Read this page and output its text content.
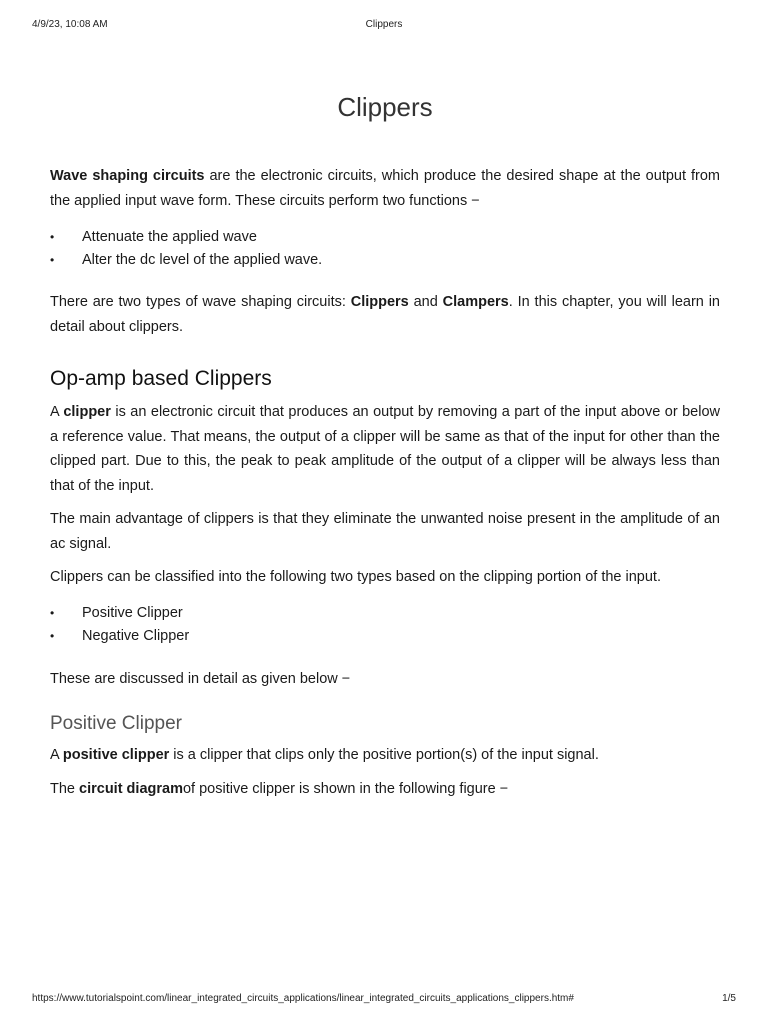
4/9/23, 10:08 AM	Clippers
Clippers

Wave shaping circuits are the electronic circuits, which produce the desired shape at the output from the applied input wave form. These circuits perform two functions −

• Attenuate the applied wave
• Alter the dc level of the applied wave.

There are two types of wave shaping circuits: Clippers and Clampers. In this chapter, you will learn in detail about clippers.

Op-amp based Clippers

A clipper is an electronic circuit that produces an output by removing a part of the input above or below a reference value. That means, the output of a clipper will be same as that of the input for other than the clipped part. Due to this, the peak to peak amplitude of the output of a clipper will be always less than that of the input.

The main advantage of clippers is that they eliminate the unwanted noise present in the amplitude of an ac signal.

Clippers can be classified into the following two types based on the clipping portion of the input.

• Positive Clipper
• Negative Clipper

These are discussed in detail as given below −

Positive Clipper

A positive clipper is a clipper that clips only the positive portion(s) of the input signal.

The circuit diagramof positive clipper is shown in the following figure −

https://www.tutorialspoint.com/linear_integrated_circuits_applications/linear_integrated_circuits_applications_clippers.htm#	1/5
